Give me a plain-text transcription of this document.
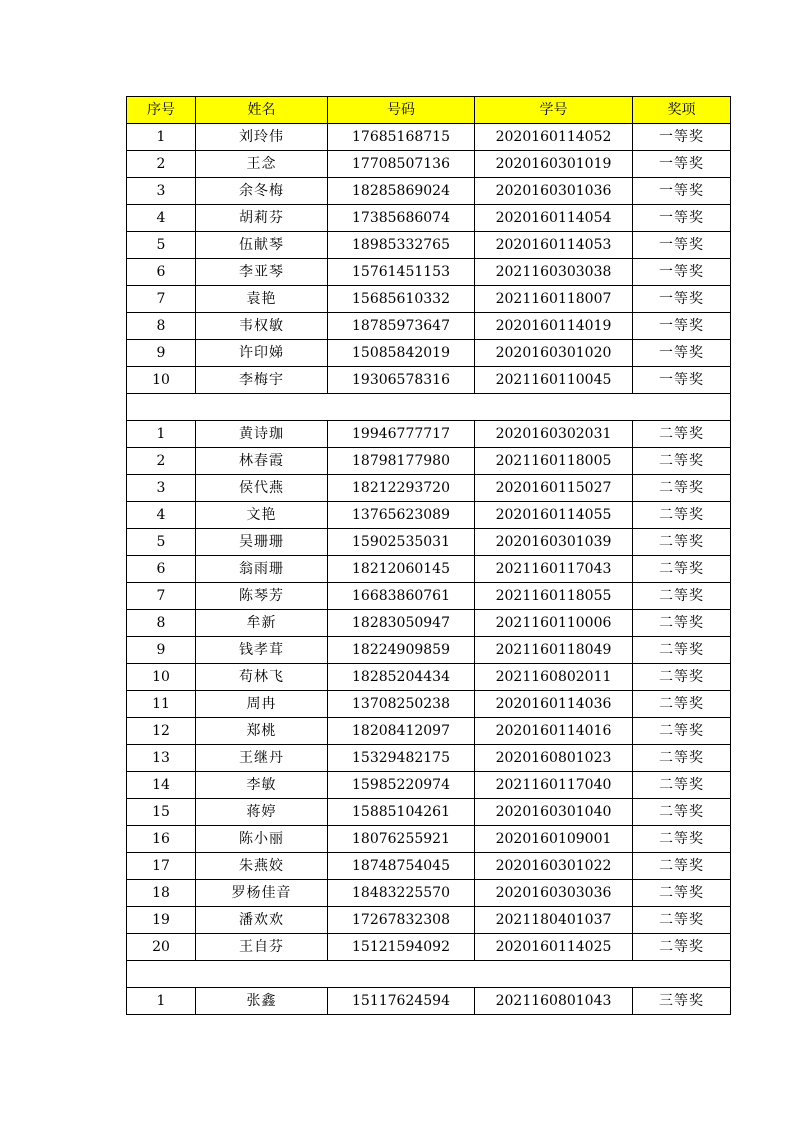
序号	姓名	号码	学号	奖项
1	刘玲伟	17685168715	2020160114052	一等奖
2	王念	17708507136	2020160301019	一等奖
3	余冬梅	18285869024	2020160301036	一等奖
4	胡莉芬	17385686074	2020160114054	一等奖
5	伍献琴	18985332765	2020160114053	一等奖
6	李亚琴	15761451153	2021160303038	一等奖
7	袁艳	15685610332	2021160118007	一等奖
8	韦权敏	18785973647	2020160114019	一等奖
9	许印娣	15085842019	2020160301020	一等奖
10	李梅宇	19306578316	2021160110045	一等奖

1	黄诗珈	19946777717	2020160302031	二等奖
2	林春霞	18798177980	2021160118005	二等奖
3	侯代燕	18212293720	2020160115027	二等奖
4	文艳	13765623089	2020160114055	二等奖
5	吴珊珊	15902535031	2020160301039	二等奖
6	翁雨珊	18212060145	2021160117043	二等奖
7	陈琴芳	16683860761	2021160118055	二等奖
8	牟新	18283050947	2021160110006	二等奖
9	钱孝茸	18224909859	2021160118049	二等奖
10	苟林飞	18285204434	2021160802011	二等奖
11	周冉	13708250238	2020160114036	二等奖
12	郑桃	18208412097	2020160114016	二等奖
13	王继丹	15329482175	2020160801023	二等奖
14	李敏	15985220974	2021160117040	二等奖
15	蒋婷	15885104261	2020160301040	二等奖
16	陈小丽	18076255921	2020160109001	二等奖
17	朱燕姣	18748754045	2020160301022	二等奖
18	罗杨佳音	18483225570	2020160303036	二等奖
19	潘欢欢	17267832308	2021180401037	二等奖
20	王自芬	15121594092	2020160114025	二等奖

1	张鑫	15117624594	2021160801043	三等奖
